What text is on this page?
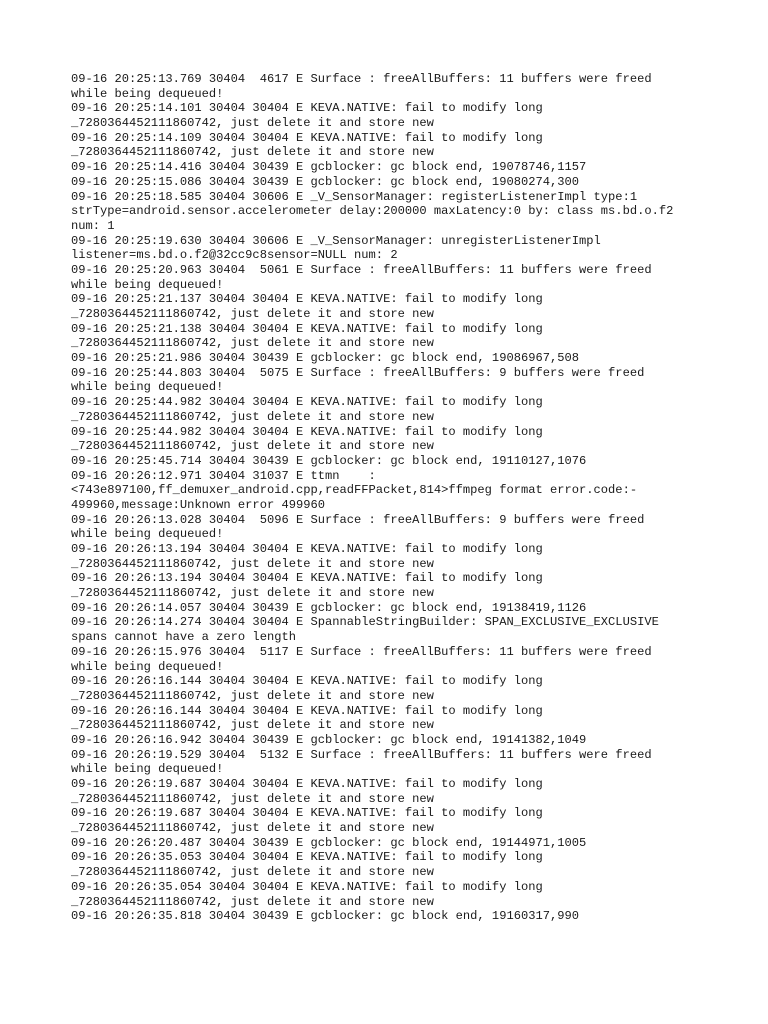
09-16 20:25:13.769 30404  4617 E Surface : freeAllBuffers: 11 buffers were freed
while being dequeued!
09-16 20:25:14.101 30404 30404 E KEVA.NATIVE: fail to modify long
_7280364452111860742, just delete it and store new
09-16 20:25:14.109 30404 30404 E KEVA.NATIVE: fail to modify long
_7280364452111860742, just delete it and store new
09-16 20:25:14.416 30404 30439 E gcblocker: gc block end, 19078746,1157
09-16 20:25:15.086 30404 30439 E gcblocker: gc block end, 19080274,300
09-16 20:25:18.585 30404 30606 E _V_SensorManager: registerListenerImpl type:1
strType=android.sensor.accelerometer delay:200000 maxLatency:0 by: class ms.bd.o.f2
num: 1
09-16 20:25:19.630 30404 30606 E _V_SensorManager: unregisterListenerImpl
listener=ms.bd.o.f2@32cc9c8sensor=NULL num: 2
09-16 20:25:20.963 30404  5061 E Surface : freeAllBuffers: 11 buffers were freed
while being dequeued!
09-16 20:25:21.137 30404 30404 E KEVA.NATIVE: fail to modify long
_7280364452111860742, just delete it and store new
09-16 20:25:21.138 30404 30404 E KEVA.NATIVE: fail to modify long
_7280364452111860742, just delete it and store new
09-16 20:25:21.986 30404 30439 E gcblocker: gc block end, 19086967,508
09-16 20:25:44.803 30404  5075 E Surface : freeAllBuffers: 9 buffers were freed
while being dequeued!
09-16 20:25:44.982 30404 30404 E KEVA.NATIVE: fail to modify long
_7280364452111860742, just delete it and store new
09-16 20:25:44.982 30404 30404 E KEVA.NATIVE: fail to modify long
_7280364452111860742, just delete it and store new
09-16 20:25:45.714 30404 30439 E gcblocker: gc block end, 19110127,1076
09-16 20:26:12.971 30404 31037 E ttmn    :
<743e897100,ff_demuxer_android.cpp,readFFPacket,814>ffmpeg format error.code:-
499960,message:Unknown error 499960
09-16 20:26:13.028 30404  5096 E Surface : freeAllBuffers: 9 buffers were freed
while being dequeued!
09-16 20:26:13.194 30404 30404 E KEVA.NATIVE: fail to modify long
_7280364452111860742, just delete it and store new
09-16 20:26:13.194 30404 30404 E KEVA.NATIVE: fail to modify long
_7280364452111860742, just delete it and store new
09-16 20:26:14.057 30404 30439 E gcblocker: gc block end, 19138419,1126
09-16 20:26:14.274 30404 30404 E SpannableStringBuilder: SPAN_EXCLUSIVE_EXCLUSIVE
spans cannot have a zero length
09-16 20:26:15.976 30404  5117 E Surface : freeAllBuffers: 11 buffers were freed
while being dequeued!
09-16 20:26:16.144 30404 30404 E KEVA.NATIVE: fail to modify long
_7280364452111860742, just delete it and store new
09-16 20:26:16.144 30404 30404 E KEVA.NATIVE: fail to modify long
_7280364452111860742, just delete it and store new
09-16 20:26:16.942 30404 30439 E gcblocker: gc block end, 19141382,1049
09-16 20:26:19.529 30404  5132 E Surface : freeAllBuffers: 11 buffers were freed
while being dequeued!
09-16 20:26:19.687 30404 30404 E KEVA.NATIVE: fail to modify long
_7280364452111860742, just delete it and store new
09-16 20:26:19.687 30404 30404 E KEVA.NATIVE: fail to modify long
_7280364452111860742, just delete it and store new
09-16 20:26:20.487 30404 30439 E gcblocker: gc block end, 19144971,1005
09-16 20:26:35.053 30404 30404 E KEVA.NATIVE: fail to modify long
_7280364452111860742, just delete it and store new
09-16 20:26:35.054 30404 30404 E KEVA.NATIVE: fail to modify long
_7280364452111860742, just delete it and store new
09-16 20:26:35.818 30404 30439 E gcblocker: gc block end, 19160317,990
